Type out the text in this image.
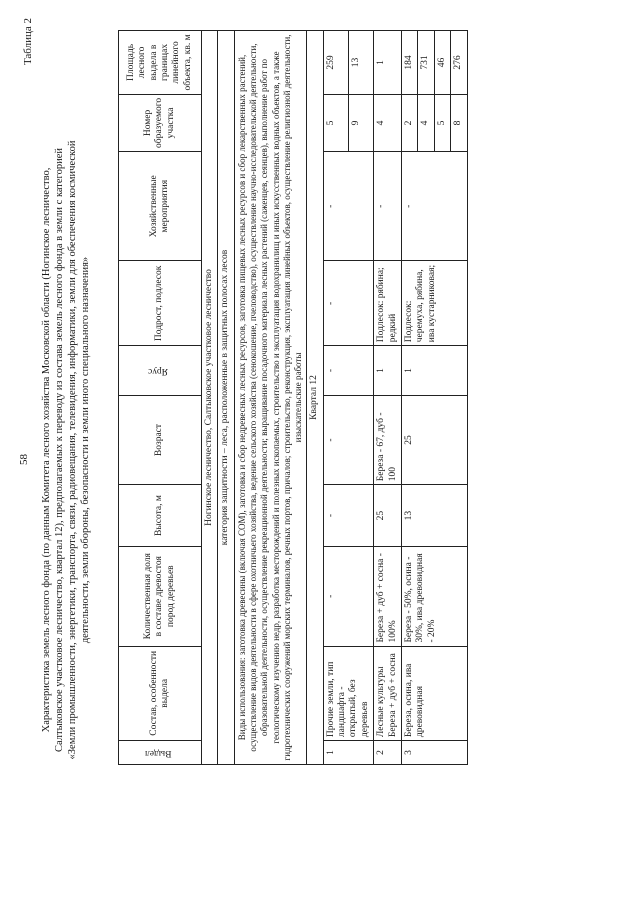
58
Таблица 2
Характеристика земель лесного фонда (по данным Комитета лесного хозяйства Московской области (Ногинское лесничество, Салтыковское участковое лесничество, квартал 12), предполагаемых к переводу из состава земель лесного фонда в земли с категорией «Земли промышленности, энергетики, транспорта, связи, радиовещания, телевидения, информатики, земли для обеспечения космической деятельности, земли обороны, безопасности и земли иного специального назначения»
Выдел	Состав, особенности выдела	Количественная доля в составе древостоя пород деревьев	Высота, м	Возраст	Ярус	Подрост, подлесок	Хозяйственные мероприятия	Номер образуемого участка	Площадь лесного выдела в границах линейного объекта, кв. м
Ногинское лесничество, Салтыковское участковое лесничество									
категория защитности – леса, расположенные в защитных полосах лесов									
Виды использования: заготовка древесины (включая СОМ), заготовка и сбор недревесных лесных ресурсов, заготовка пищевых лесных ресурсов и сбор лекарственных растений, осуществление видов деятельности в сфере охотничьего хозяйства, ведение сельского хозяйства (сенокошение, пчеловодство), осуществление научно-исследовательской деятельности, образовательной деятельности, осуществление рекреационной деятельности; выращивание посадочного материала лесных растений (саженцев, сеянцев), выполнение работ по геологическому изучению недр, разработка месторождений и полезных ископаемых, строительство и эксплуатация водохранилищ и иных искусственных водных объектов, а также гидротехнических сооружений морских терминалов, речных портов, причалов; строительство, реконструкция, эксплуатация линейных объектов, осуществление религиозной деятельности, изыскательские работы									
Квартал 12									
1	Прочие земли, тип ландшафта - открытый, без деревьев	-	-	-	-	-	-	5	259
								9	13
2	Лесные культуры Береза + дуб + сосна	Береза + дуб + сосна - 100%	25	Береза - 67, дуб - 100	1	Подлесок: рябина; редкий	-	4	1
3	Береза, осина, ива древовидная	Береза - 50%, осина - 30%, ива древовидная - 20%	13	25	1	Подлесок: черемуха, рябина, ива кустарниковая;	-	2	184
								4	731
								5	46
								8	276
